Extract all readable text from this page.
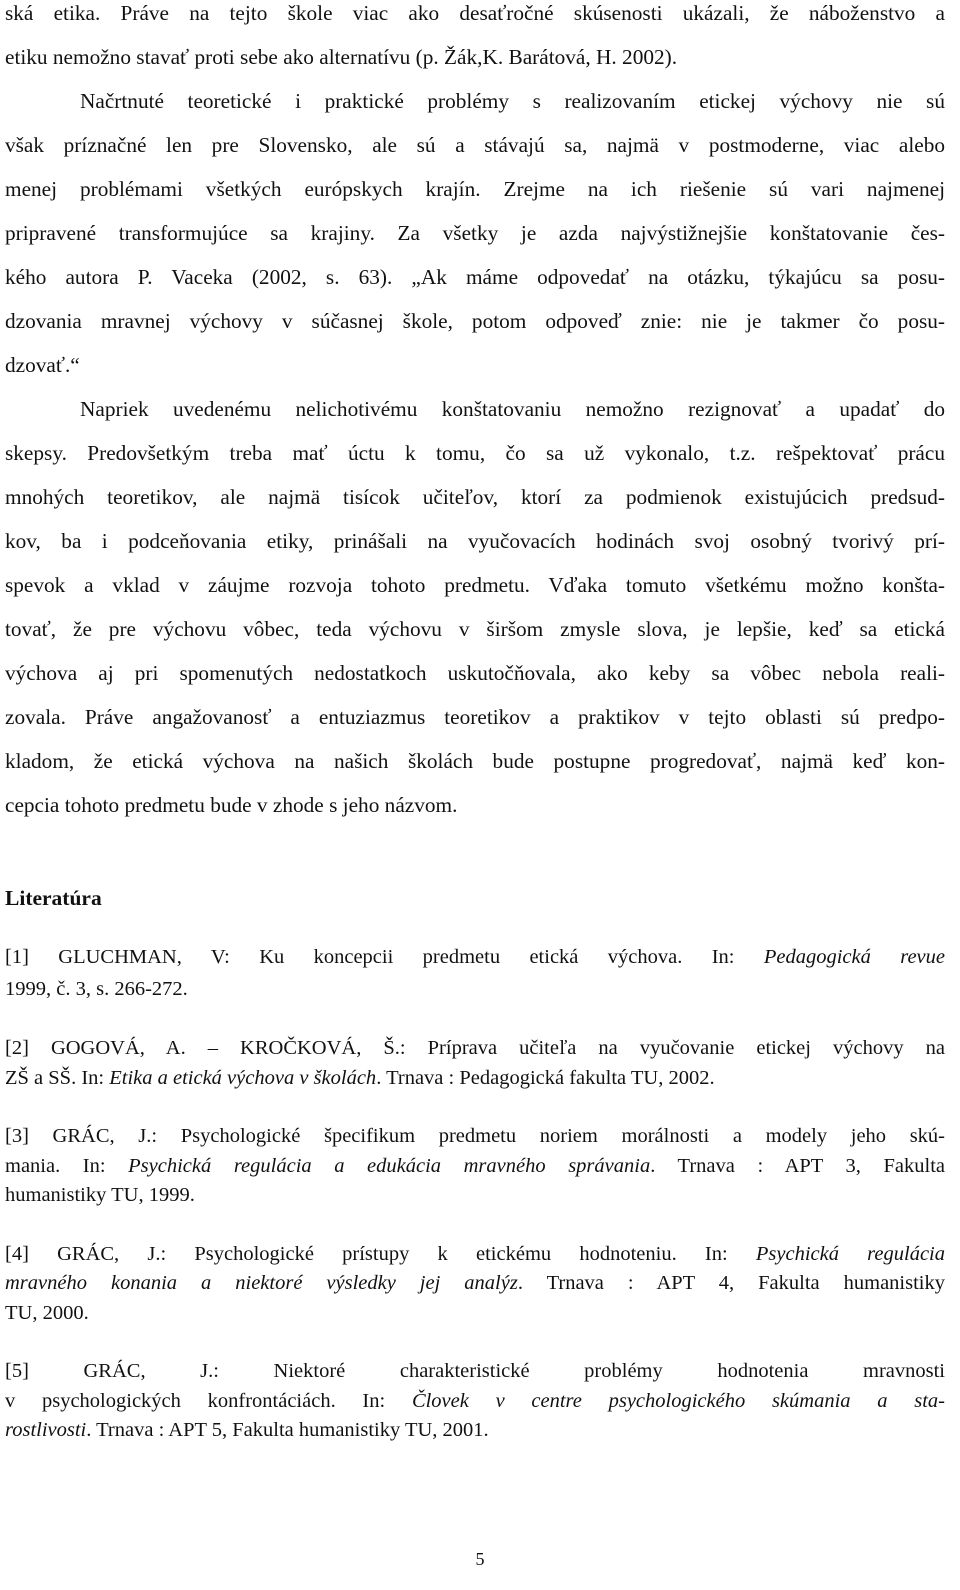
ská etika. Práve na tejto škole viac ako desaťročné skúsenosti ukázali, že náboženstvo a
etiku nemožno stavať proti sebe ako alternatívu (p. Žák,K. Barátová, H. 2002).
Načrtnuté teoretické i praktické problémy s realizovaním etickej výchovy nie sú
však príznačné len pre Slovensko, ale sú a stávajú sa, najmä v postmoderne, viac alebo
menej problémami všetkých európskych krajín. Zrejme na ich riešenie sú vari najmenej
pripravené transformujúce sa krajiny. Za všetky je azda najvýstižnejšie konštatovanie čes-
kého autora P. Vaceka (2002, s. 63). „Ak máme odpovedať na otázku, týkajúcu sa posu-
dzovania mravnej výchovy v súčasnej škole, potom odpoveď znie: nie je takmer čo posu-
dzovať.“
Napriek uvedenému nelichotivému konštatovaniu nemožno rezignovať a upadať do
skepsy. Predovšetkým treba mať úctu k tomu, čo sa už vykonalo, t.z. rešpektovať prácu
mnohých teoretikov, ale najmä tisícok učiteľov, ktorí za podmienok existujúcich predsud-
kov, ba i podceňovania etiky, prinášali na vyučovacích hodinách svoj osobný tvorivý prí-
spevok a vklad v záujme rozvoja tohoto predmetu. Vďaka tomuto všetkému možno konšta-
tovať, že pre výchovu vôbec, teda výchovu v širšom zmysle slova, je lepšie, keď sa etická
výchova aj pri spomenutých nedostatkoch uskutočňovala, ako keby sa vôbec nebola reali-
zovala. Práve angažovanosť a entuziazmus teoretikov a praktikov v tejto oblasti sú predpo-
kladom, že etická výchova na našich školách bude postupne progredovať, najmä keď kon-
cepcia tohoto predmetu bude v zhode s jeho názvom.
Literatúra
[1] GLUCHMAN, V: Ku koncepcii predmetu etická výchova. In: Pedagogická revue
1999, č. 3, s. 266-272.
[2] GOGOVÁ, A. – KROČKOVÁ, Š.: Príprava učiteľa na vyučovanie etickej výchovy na
ZŠ a SŠ. In: Etika a etická výchova v školách. Trnava : Pedagogická fakulta TU, 2002.
[3] GRÁC, J.: Psychologické špecifikum predmetu noriem morálnosti a modely jeho skú-
mania. In: Psychická regulácia a edukácia mravného správania. Trnava : APT 3, Fakulta
humanistiky TU, 1999.
[4] GRÁC, J.: Psychologické prístupy k etickému hodnoteniu. In: Psychická regulácia
mravného konania a niektoré výsledky jej analýz. Trnava : APT 4, Fakulta humanistiky
TU, 2000.
[5] GRÁC, J.: Niektoré charakteristické problémy hodnotenia mravnosti
v psychologických konfrontáciách. In: Človek v centre psychologického skúmania a sta-
rostlivosti. Trnava : APT 5, Fakulta humanistiky TU, 2001.
5
